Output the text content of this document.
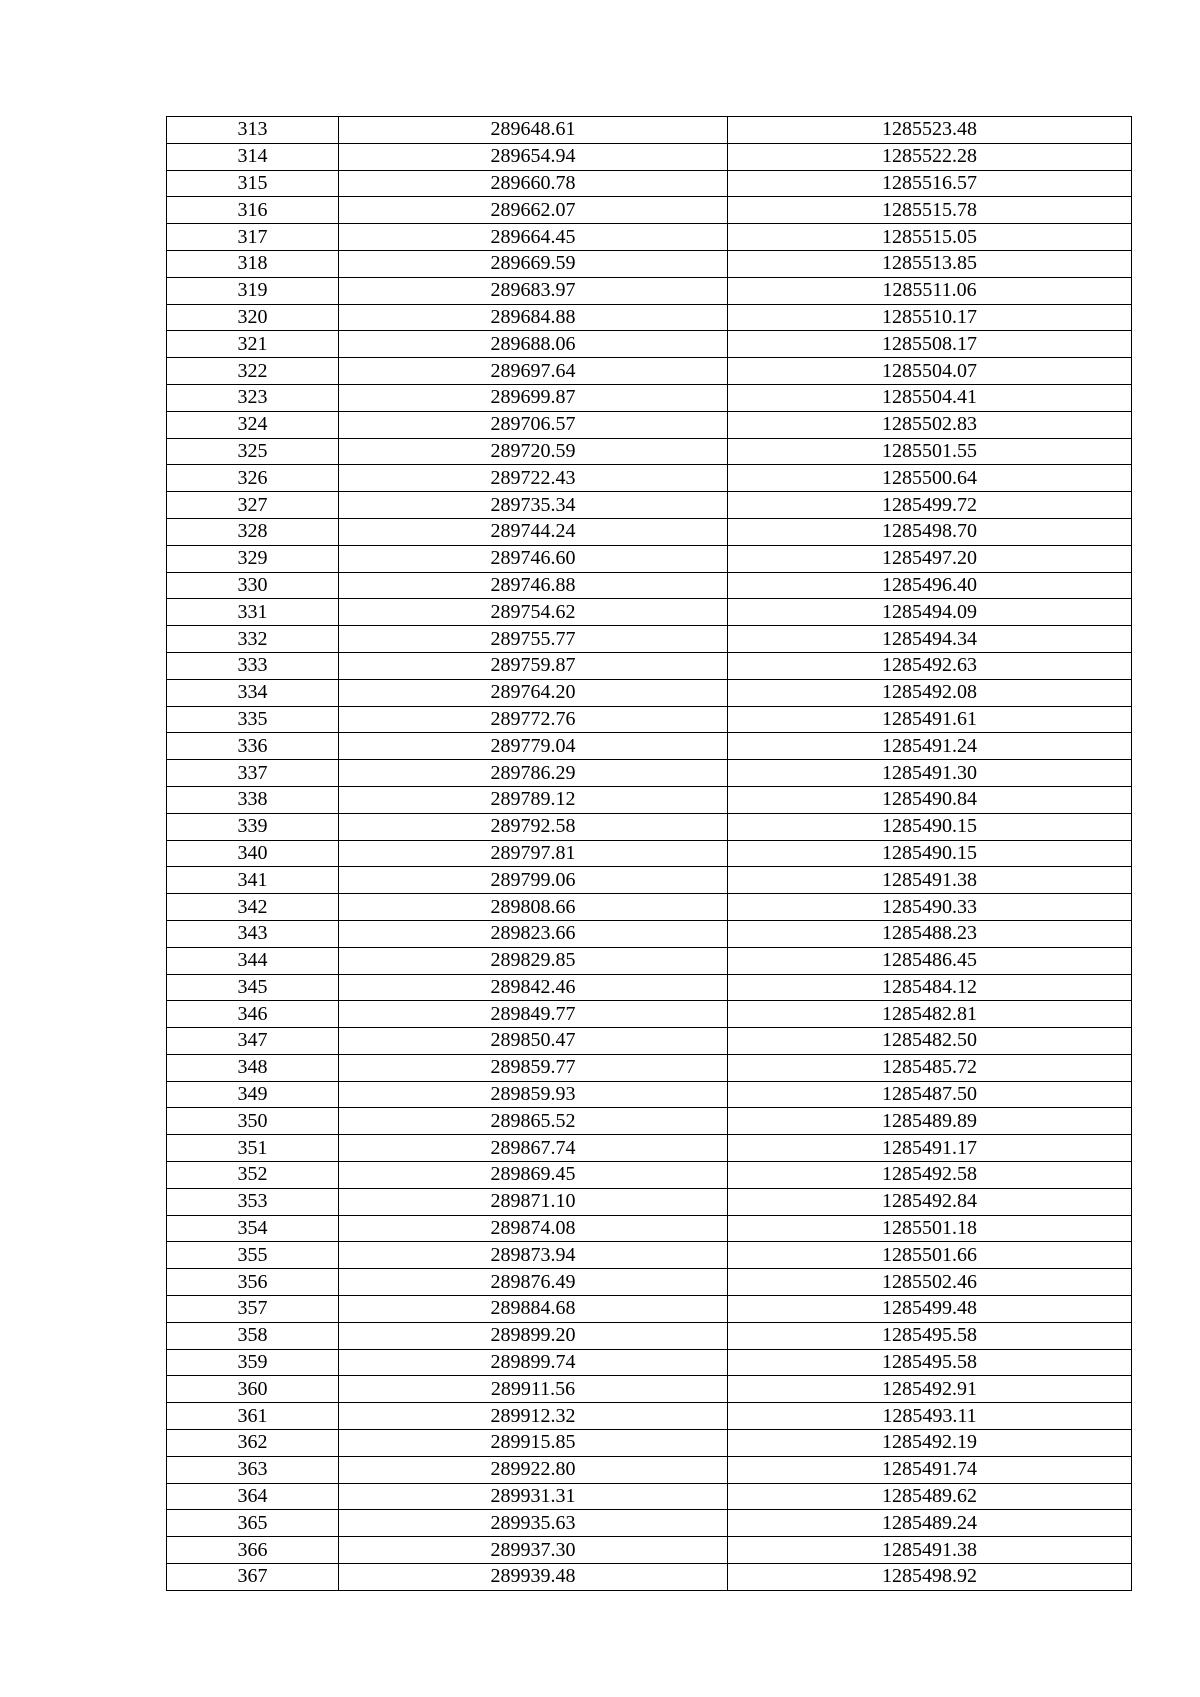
313	289648.61	1285523.48
314	289654.94	1285522.28
315	289660.78	1285516.57
316	289662.07	1285515.78
317	289664.45	1285515.05
318	289669.59	1285513.85
319	289683.97	1285511.06
320	289684.88	1285510.17
321	289688.06	1285508.17
322	289697.64	1285504.07
323	289699.87	1285504.41
324	289706.57	1285502.83
325	289720.59	1285501.55
326	289722.43	1285500.64
327	289735.34	1285499.72
328	289744.24	1285498.70
329	289746.60	1285497.20
330	289746.88	1285496.40
331	289754.62	1285494.09
332	289755.77	1285494.34
333	289759.87	1285492.63
334	289764.20	1285492.08
335	289772.76	1285491.61
336	289779.04	1285491.24
337	289786.29	1285491.30
338	289789.12	1285490.84
339	289792.58	1285490.15
340	289797.81	1285490.15
341	289799.06	1285491.38
342	289808.66	1285490.33
343	289823.66	1285488.23
344	289829.85	1285486.45
345	289842.46	1285484.12
346	289849.77	1285482.81
347	289850.47	1285482.50
348	289859.77	1285485.72
349	289859.93	1285487.50
350	289865.52	1285489.89
351	289867.74	1285491.17
352	289869.45	1285492.58
353	289871.10	1285492.84
354	289874.08	1285501.18
355	289873.94	1285501.66
356	289876.49	1285502.46
357	289884.68	1285499.48
358	289899.20	1285495.58
359	289899.74	1285495.58
360	289911.56	1285492.91
361	289912.32	1285493.11
362	289915.85	1285492.19
363	289922.80	1285491.74
364	289931.31	1285489.62
365	289935.63	1285489.24
366	289937.30	1285491.38
367	289939.48	1285498.92
